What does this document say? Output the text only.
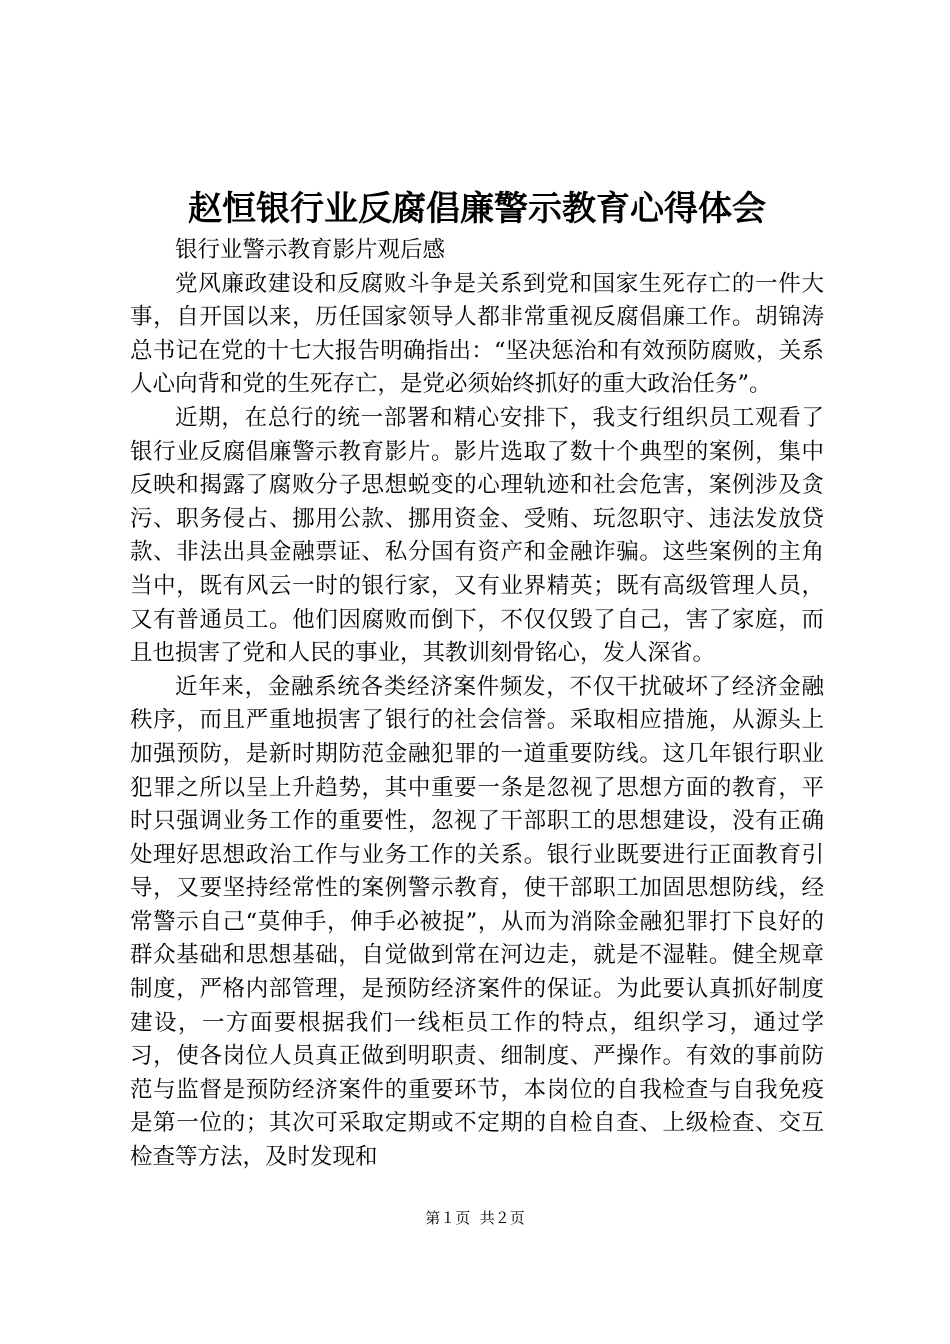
赵恒银行业反腐倡廉警示教育心得体会

银行业警示教育影片观后感

党风廉政建设和反腐败斗争是关系到党和国家生死存亡的一件大事，自开国以来，历任国家领导人都非常重视反腐倡廉工作。胡锦涛总书记在党的十七大报告明确指出：“坚决惩治和有效预防腐败，关系人心向背和党的生死存亡，是党必须始终抓好的重大政治任务”。

近期，在总行的统一部署和精心安排下，我支行组织员工观看了银行业反腐倡廉警示教育影片。影片选取了数十个典型的案例，集中反映和揭露了腐败分子思想蜕变的心理轨迹和社会危害，案例涉及贪污、职务侵占、挪用公款、挪用资金、受贿、玩忽职守、违法发放贷款、非法出具金融票证、私分国有资产和金融诈骗。这些案例的主角当中，既有风云一时的银行家，又有业界精英；既有高级管理人员，又有普通员工。他们因腐败而倒下，不仅仅毁了自己，害了家庭，而且也损害了党和人民的事业，其教训刻骨铭心，发人深省。

近年来，金融系统各类经济案件频发，不仅干扰破坏了经济金融秩序，而且严重地损害了银行的社会信誉。采取相应措施，从源头上加强预防，是新时期防范金融犯罪的一道重要防线。这几年银行职业犯罪之所以呈上升趋势，其中重要一条是忽视了思想方面的教育，平时只强调业务工作的重要性，忽视了干部职工的思想建设，没有正确处理好思想政治工作与业务工作的关系。银行业既要进行正面教育引导，又要坚持经常性的案例警示教育，使干部职工加固思想防线，经常警示自己“莫伸手，伸手必被捉”，从而为消除金融犯罪打下良好的群众基础和思想基础，自觉做到常在河边走，就是不湿鞋。健全规章制度，严格内部管理，是预防经济案件的保证。为此要认真抓好制度建设，一方面要根据我们一线柜员工作的特点，组织学习，通过学习，使各岗位人员真正做到明职责、细制度、严操作。有效的事前防范与监督是预防经济案件的重要环节，本岗位的自我检查与自我免疫是第一位的；其次可采取定期或不定期的自检自查、上级检查、交互检查等方法，及时发现和

第１页  共２页
